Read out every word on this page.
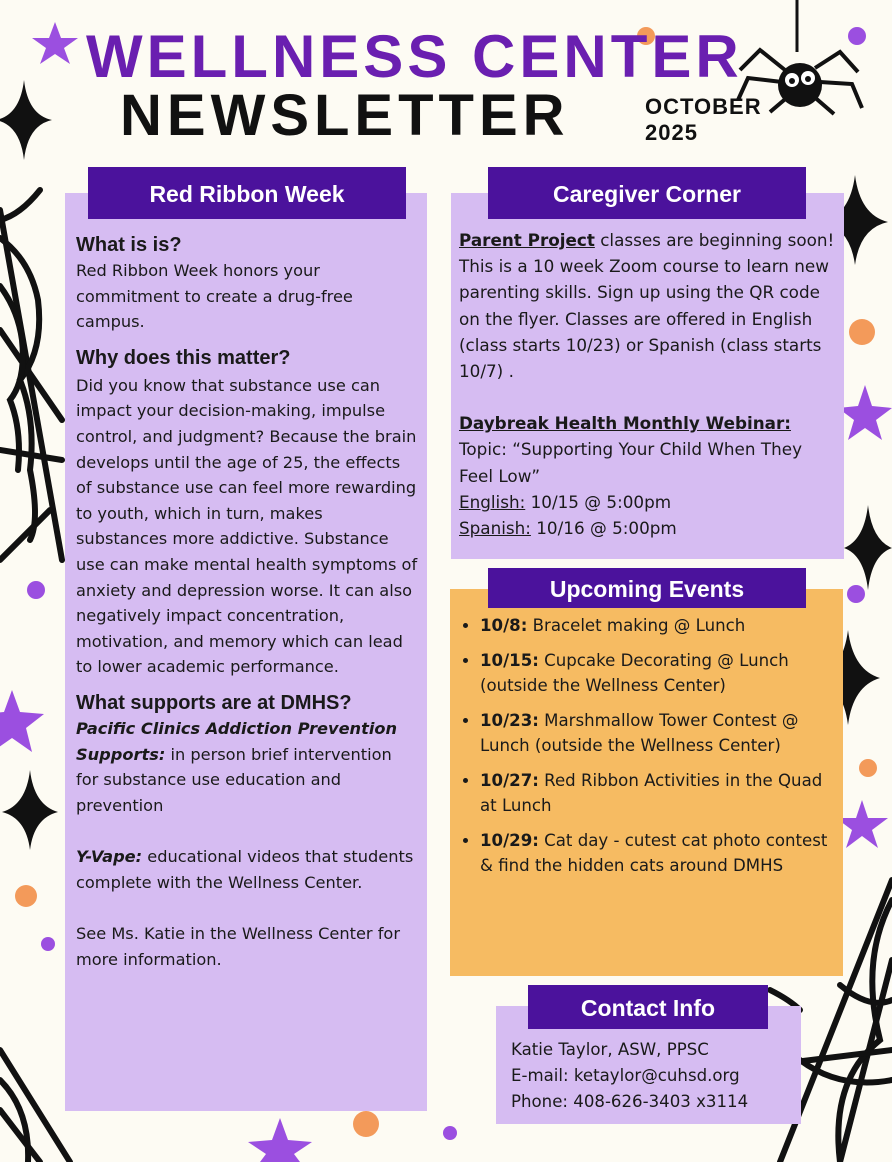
WELLNESS CENTER
NEWSLETTER	OCTOBER
2025
Red Ribbon Week

What is is?

Red Ribbon Week honors your commitment to create a drug-free campus.

Why does this matter?

Did you know that substance use can impact your decision-making, impulse control, and judgment? Because the brain develops until the age of 25, the effects of substance use can feel more rewarding to youth, which in turn, makes substances more addictive. Substance use can make mental health symptoms of anxiety and depression worse. It can also negatively impact concentration, motivation, and memory which can lead to lower academic performance.

What supports are at DMHS?

Pacific Clinics Addiction Prevention Supports: in person brief intervention for substance use education and prevention

Y-Vape: educational videos that students complete with the Wellness Center.

See Ms. Katie in the Wellness Center for more information.

Caregiver Corner

Parent Project classes are beginning soon! This is a 10 week Zoom course to learn new parenting skills. Sign up using the QR code on the flyer. Classes are offered in English (class starts 10/23) or Spanish (class starts 10/7) .

Daybreak Health Monthly Webinar:

Topic: “Supporting Your Child When They Feel Low”

English: 10/15 @ 5:00pm

Spanish: 10/16 @ 5:00pm

Upcoming Events
• 10/8: Bracelet making @ Lunch
• 10/15: Cupcake Decorating @ Lunch (outside the Wellness Center)
• 10/23: Marshmallow Tower Contest @ Lunch (outside the Wellness Center)
• 10/27: Red Ribbon Activities in the Quad at Lunch
• 10/29: Cat day - cutest cat photo contest & find the hidden cats around DMHS
Contact Info

Katie Taylor, ASW, PPSC

E-mail: ketaylor@cuhsd.org

Phone: 408-626-3403 x3114
